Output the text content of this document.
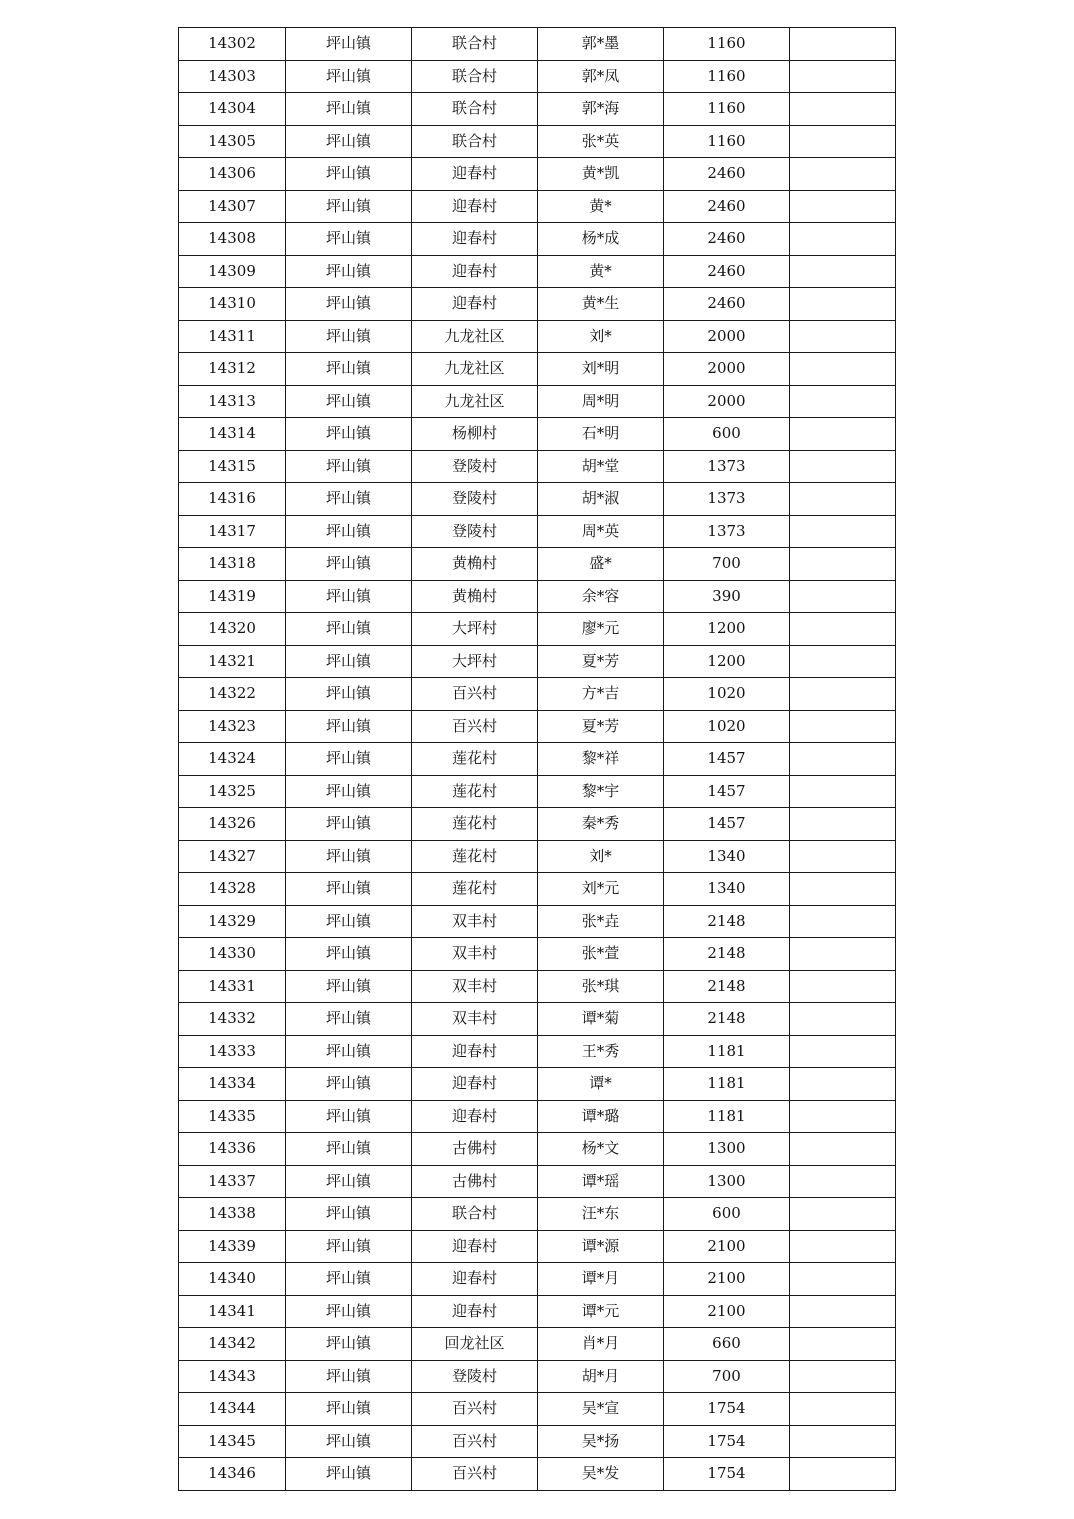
14302	坪山镇	联合村	郭*墨	1160	
14303	坪山镇	联合村	郭*凤	1160	
14304	坪山镇	联合村	郭*海	1160	
14305	坪山镇	联合村	张*英	1160	
14306	坪山镇	迎春村	黄*凯	2460	
14307	坪山镇	迎春村	黄*	2460	
14308	坪山镇	迎春村	杨*成	2460	
14309	坪山镇	迎春村	黄*	2460	
14310	坪山镇	迎春村	黄*生	2460	
14311	坪山镇	九龙社区	刘*	2000	
14312	坪山镇	九龙社区	刘*明	2000	
14313	坪山镇	九龙社区	周*明	2000	
14314	坪山镇	杨柳村	石*明	600	
14315	坪山镇	登陵村	胡*堂	1373	
14316	坪山镇	登陵村	胡*淑	1373	
14317	坪山镇	登陵村	周*英	1373	
14318	坪山镇	黄桷村	盛*	700	
14319	坪山镇	黄桷村	余*容	390	
14320	坪山镇	大坪村	廖*元	1200	
14321	坪山镇	大坪村	夏*芳	1200	
14322	坪山镇	百兴村	方*吉	1020	
14323	坪山镇	百兴村	夏*芳	1020	
14324	坪山镇	莲花村	黎*祥	1457	
14325	坪山镇	莲花村	黎*宇	1457	
14326	坪山镇	莲花村	秦*秀	1457	
14327	坪山镇	莲花村	刘*	1340	
14328	坪山镇	莲花村	刘*元	1340	
14329	坪山镇	双丰村	张*垚	2148	
14330	坪山镇	双丰村	张*萱	2148	
14331	坪山镇	双丰村	张*琪	2148	
14332	坪山镇	双丰村	谭*菊	2148	
14333	坪山镇	迎春村	王*秀	1181	
14334	坪山镇	迎春村	谭*	1181	
14335	坪山镇	迎春村	谭*璐	1181	
14336	坪山镇	古佛村	杨*文	1300	
14337	坪山镇	古佛村	谭*瑶	1300	
14338	坪山镇	联合村	汪*东	600	
14339	坪山镇	迎春村	谭*源	2100	
14340	坪山镇	迎春村	谭*月	2100	
14341	坪山镇	迎春村	谭*元	2100	
14342	坪山镇	回龙社区	肖*月	660	
14343	坪山镇	登陵村	胡*月	700	
14344	坪山镇	百兴村	吴*宣	1754	
14345	坪山镇	百兴村	吴*扬	1754	
14346	坪山镇	百兴村	吴*发	1754	
